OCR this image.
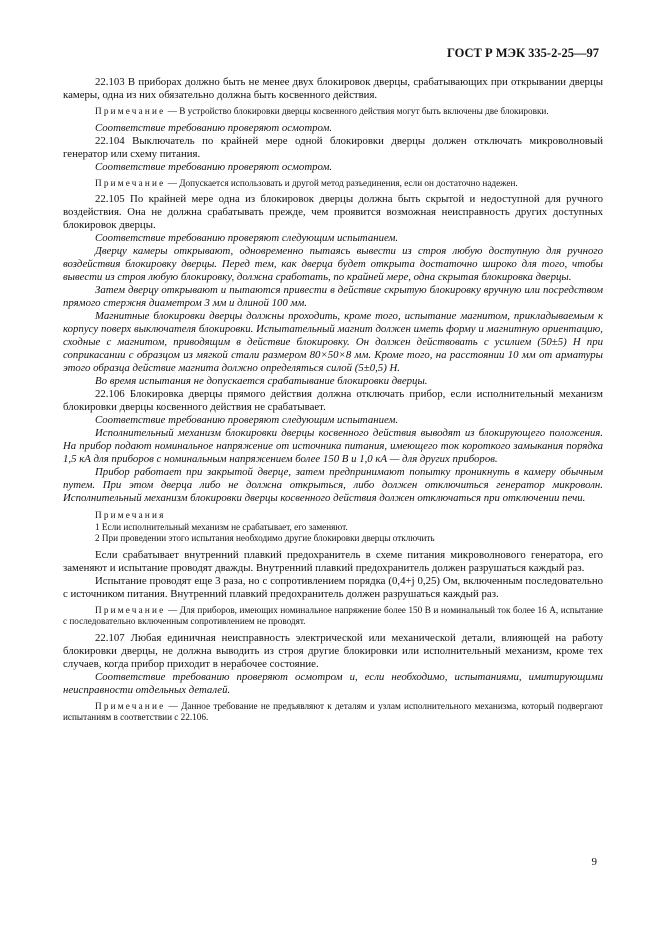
ГОСТ Р МЭК 335-2-25—97

22.103 В приборах должно быть не менее двух блокировок дверцы, срабатывающих при открывании дверцы камеры, одна из них обязательно должна быть косвенного действия.

Примечание — В устройство блокировки дверцы косвенного действия могут быть включены две блокировки.

Соответствие требованию проверяют осмотром.

22.104 Выключатель по крайней мере одной блокировки дверцы должен отключать микроволновый генератор или схему питания.

Соответствие требованию проверяют осмотром.

Примечание — Допускается использовать и другой метод разъединения, если он достаточно надежен.

22.105 По крайней мере одна из блокировок дверцы должна быть скрытой и недоступной для ручного воздействия. Она не должна срабатывать прежде, чем проявится возможная неисправность других доступных блокировок дверцы.

Соответствие требованию проверяют следующим испытанием.

Дверцу камеры открывают, одновременно пытаясь вывести из строя любую доступную для ручного воздействия блокировку дверцы. Перед тем, как дверца будет открыта достаточно широко для того, чтобы вывести из строя любую блокировку, должна сработать, по крайней мере, одна скрытая блокировка дверцы.

Затем дверцу открывают и пытаются привести в действие скрытую блокировку вручную или посредством прямого стержня диаметром 3 мм и длиной 100 мм.

Магнитные блокировки дверцы должны проходить, кроме того, испытание магнитом, прикладываемым к корпусу поверх выключателя блокировки. Испытательный магнит должен иметь форму и магнитную ориентацию, сходные с магнитом, приводящим в действие блокировку. Он должен действовать с усилием (50±5) Н при соприкасании с образцом из мягкой стали размером 80×50×8 мм. Кроме того, на расстоянии 10 мм от арматуры этого образца действие магнита должно определяться силой (5±0,5) Н.

Во время испытания не допускается срабатывание блокировки дверцы.

22.106 Блокировка дверцы прямого действия должна отключать прибор, если исполнительный механизм блокировки дверцы косвенного действия не срабатывает.

Соответствие требованию проверяют следующим испытанием.

Исполнительный механизм блокировки дверцы косвенного действия выводят из блокирующего положения. На прибор подают номинальное напряжение от источника питания, имеющего ток короткого замыкания порядка 1,5 кА для приборов с номинальным напряжением более 150 В и 1,0 кА — для других приборов.

Прибор работает при закрытой дверце, затем предпринимают попытку проникнуть в камеру обычным путем. При этом дверца либо не должна открыться, либо должен отключиться генератор микроволн. Исполнительный механизм блокировки дверцы косвенного действия должен отключаться при отключении печи.

Примечания
1 Если исполнительный механизм не срабатывает, его заменяют.
2 При проведении этого испытания необходимо другие блокировки дверцы отключить

Если срабатывает внутренний плавкий предохранитель в схеме питания микроволнового генератора, его заменяют и испытание проводят дважды. Внутренний плавкий предохранитель должен разрушаться каждый раз.

Испытание проводят еще 3 раза, но с сопротивлением порядка (0,4+j 0,25) Ом, включенным последовательно с источником питания. Внутренний плавкий предохранитель должен разрушаться каждый раз.

Примечание — Для приборов, имеющих номинальное напряжение более 150 В и номинальный ток более 16 А, испытание с последовательно включенным сопротивлением не проводят.

22.107 Любая единичная неисправность электрической или механической детали, влияющей на работу блокировки дверцы, не должна выводить из строя другие блокировки или исполнительный механизм, кроме тех случаев, когда прибор приходит в нерабочее состояние.

Соответствие требованию проверяют осмотром и, если необходимо, испытаниями, имитирующими неисправности отдельных деталей.

Примечание — Данное требование не предъявляют к деталям и узлам исполнительного механизма, который подвергают испытаниям в соответствии с 22.106.
9
